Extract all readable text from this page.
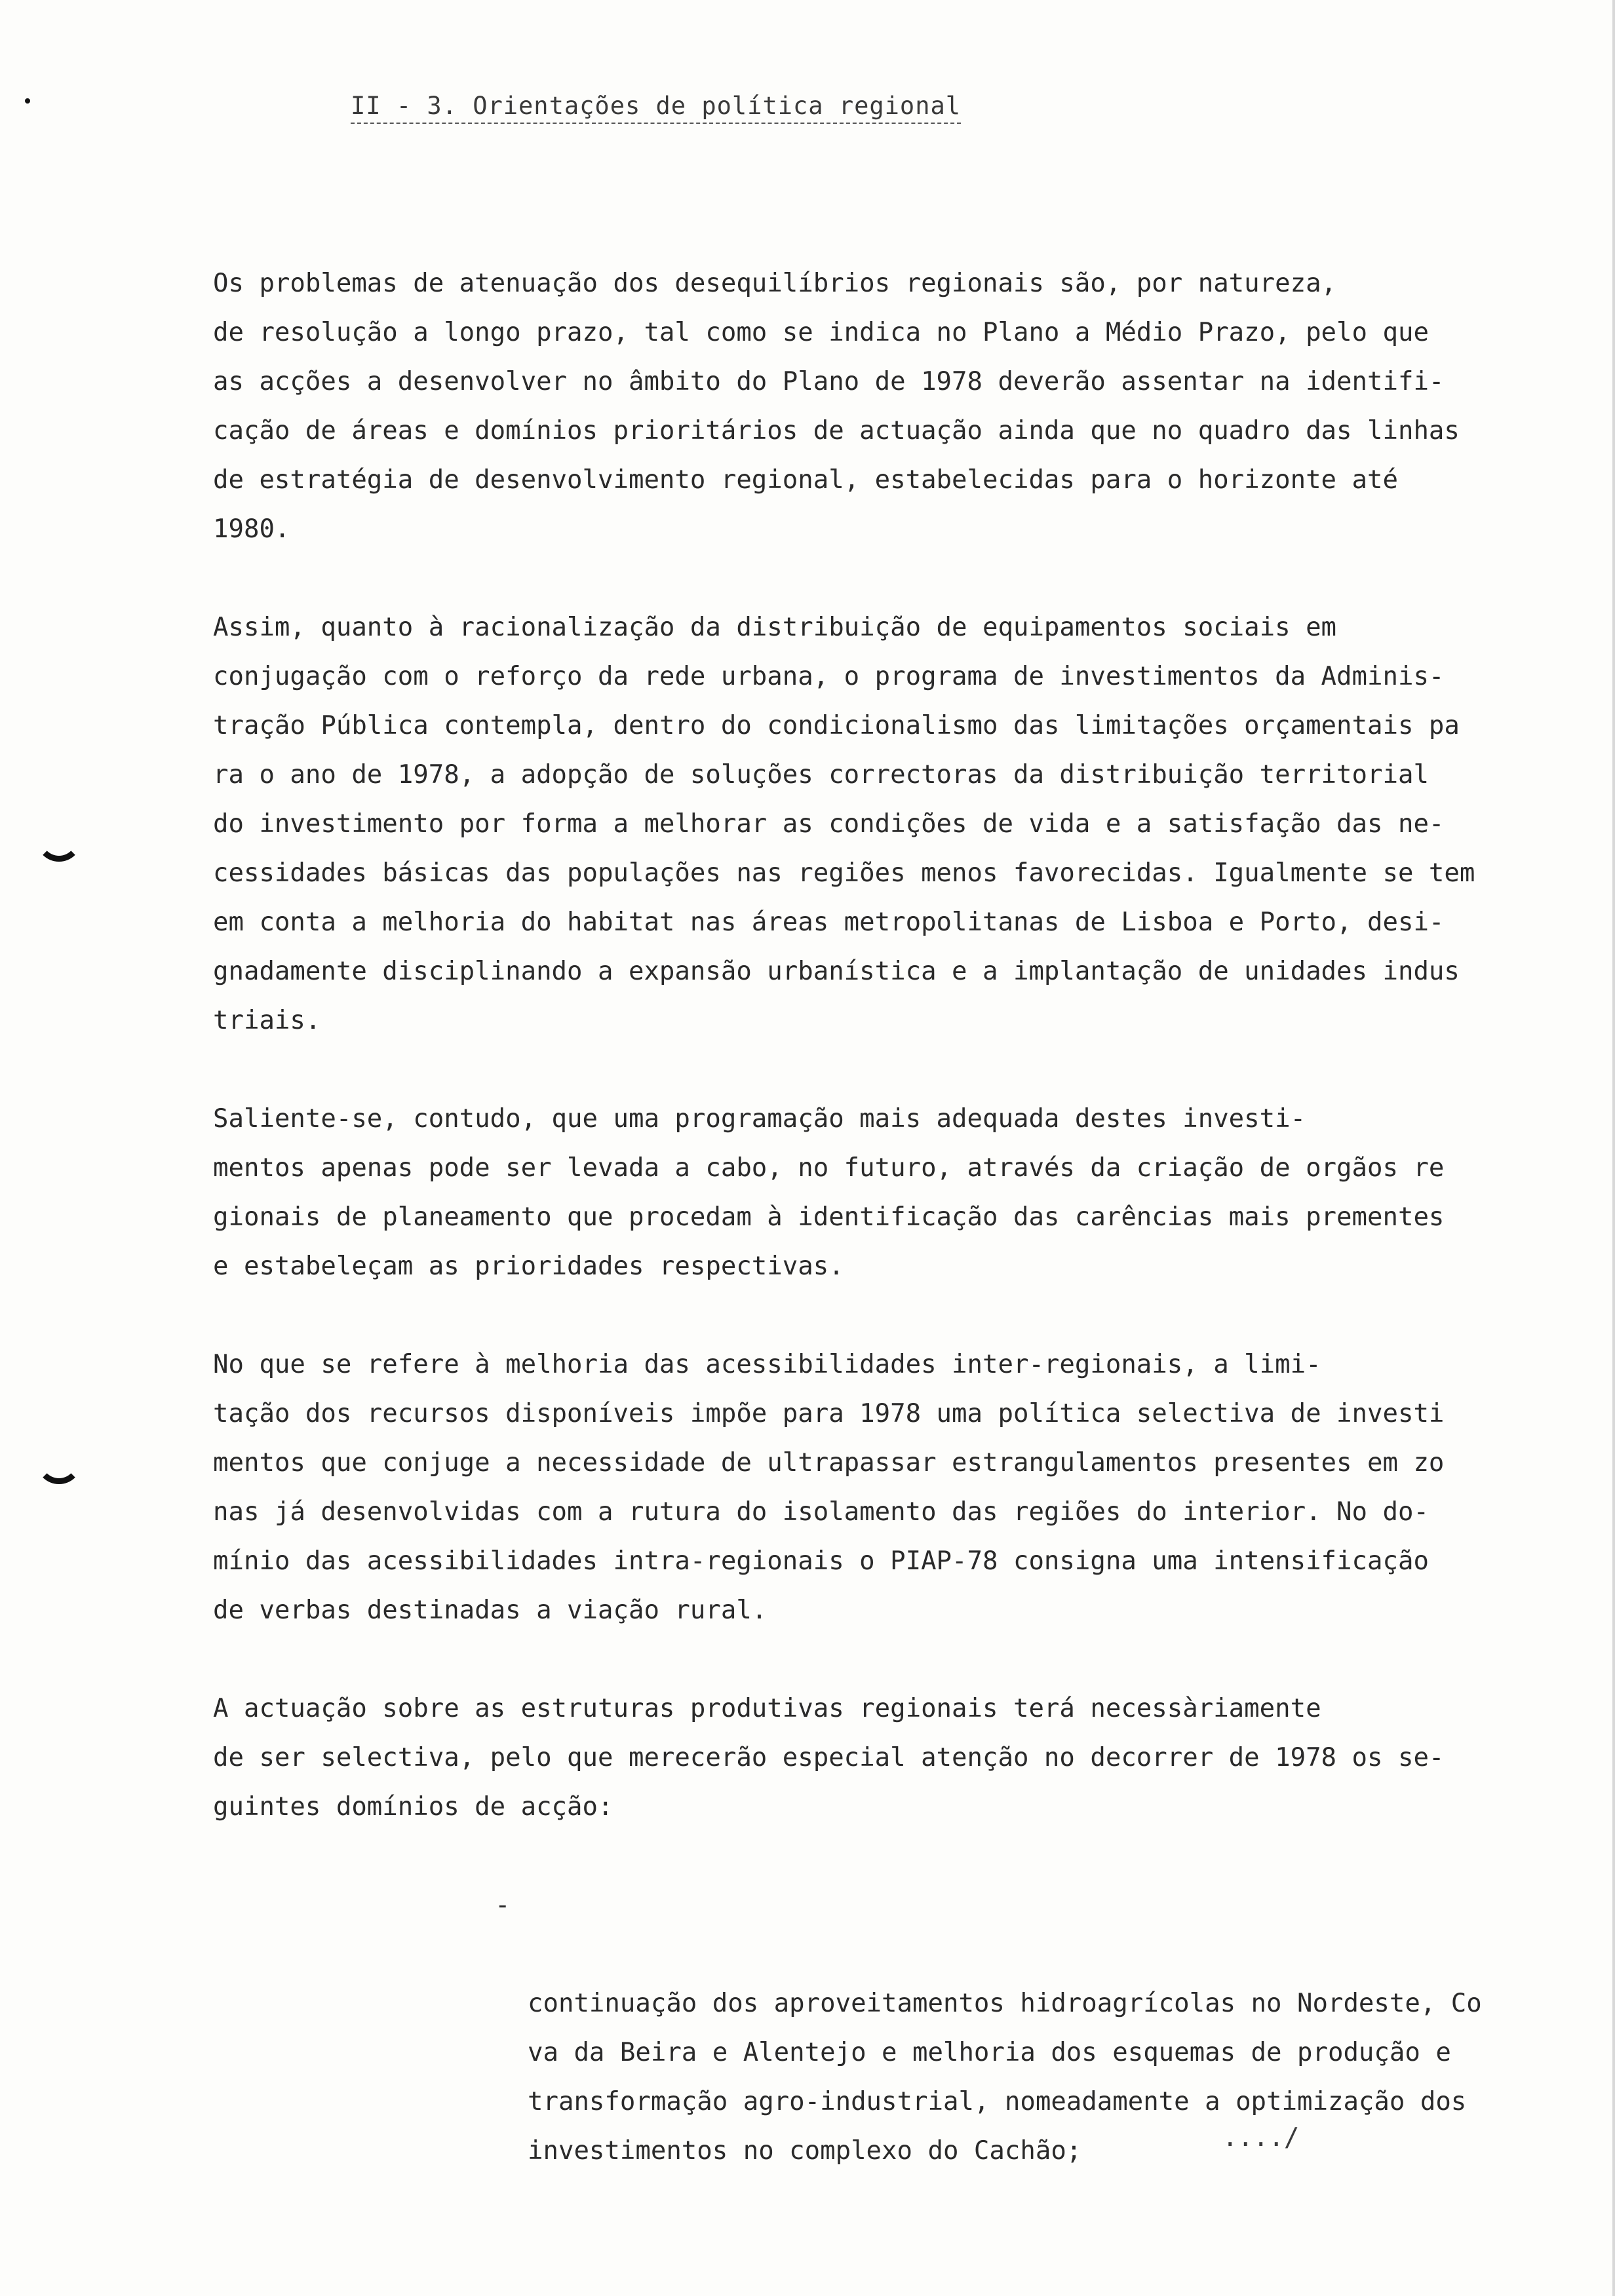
II - 3. Orientações de política regional

Os problemas de atenuação dos desequilíbrios regionais são, por natureza,
de resolução a longo prazo, tal como se indica no Plano a Médio Prazo, pelo que
as acções a desenvolver no âmbito do Plano de 1978 deverão assentar na identifi-
cação de áreas e domínios prioritários de actuação ainda que no quadro das linhas
de estratégia de desenvolvimento regional, estabelecidas para o horizonte até
1980.

Assim, quanto à racionalização da distribuição de equipamentos sociais em
conjugação com o reforço da rede urbana, o programa de investimentos da Adminis-
tração Pública contempla, dentro do condicionalismo das limitações orçamentais pa
ra o ano de 1978, a adopção de soluções correctoras da distribuição territorial
do investimento por forma a melhorar as condições de vida e a satisfação das ne-
cessidades básicas das populações nas regiões menos favorecidas. Igualmente se tem
em conta a melhoria do habitat nas áreas metropolitanas de Lisboa e Porto, desi-
gnadamente disciplinando a expansão urbanística e a implantação de unidades indus
triais.

Saliente-se, contudo, que uma programação mais adequada destes investi-
mentos apenas pode ser levada a cabo, no futuro, através da criação de orgãos re
gionais de planeamento que procedam à identificação das carências mais prementes
e estabeleçam as prioridades respectivas.

No que se refere à melhoria das acessibilidades inter-regionais, a limi-
tação dos recursos disponíveis impõe para 1978 uma política selectiva de investi
mentos que conjuge a necessidade de ultrapassar estrangulamentos presentes em zo
nas já desenvolvidas com a rutura do isolamento das regiões do interior. No do-
mínio das acessibilidades intra-regionais o PIAP-78 consigna uma intensificação
de verbas destinadas a viação rural.

A actuação sobre as estruturas produtivas regionais terá necessàriamente
de ser selectiva, pelo que merecerão especial atenção no decorrer de 1978 os se-
guintes domínios de acção:

-

continuação dos aproveitamentos hidroagrícolas no Nordeste, Co
va da Beira e Alentejo e melhoria dos esquemas de produção e
transformação agro-industrial, nomeadamente a optimização dos
investimentos no complexo do Cachão;	..../
